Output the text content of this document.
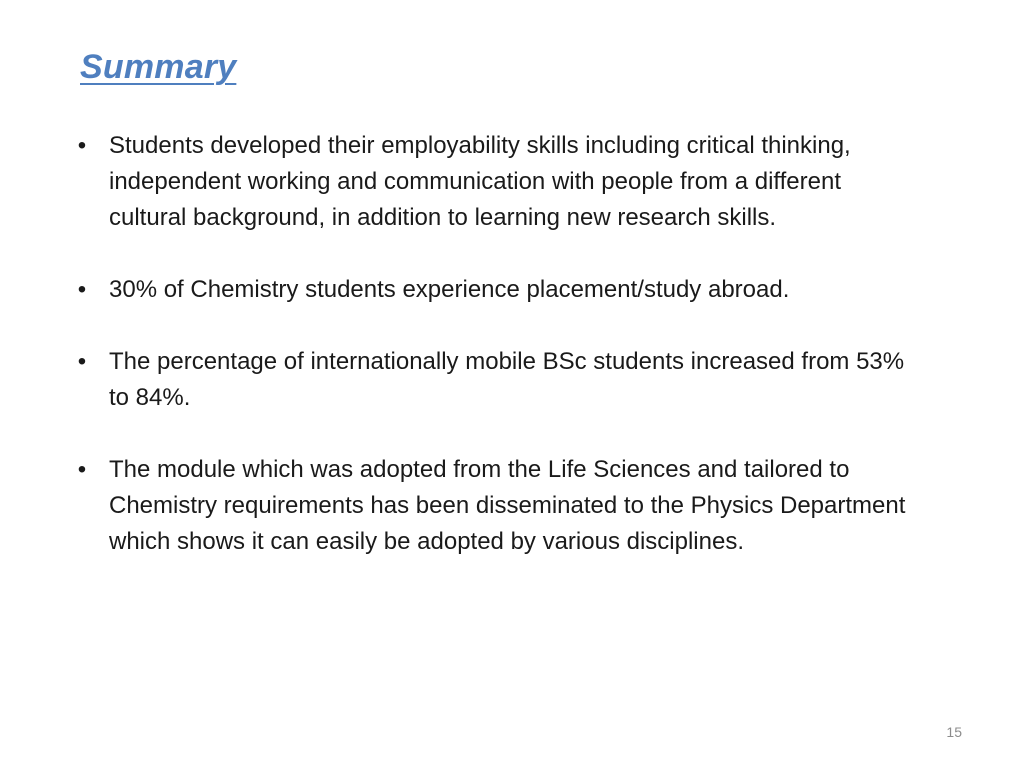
Summary
• Students developed their employability skills including critical thinking, independent working and communication with people from a different cultural background, in addition to learning new research skills.
• 30% of Chemistry students experience placement/study abroad.
• The percentage of internationally mobile BSc students increased from 53% to 84%.
• The module which was adopted from the Life Sciences and tailored to Chemistry requirements has been disseminated to the Physics Department which shows it can easily be adopted by various disciplines.
15
